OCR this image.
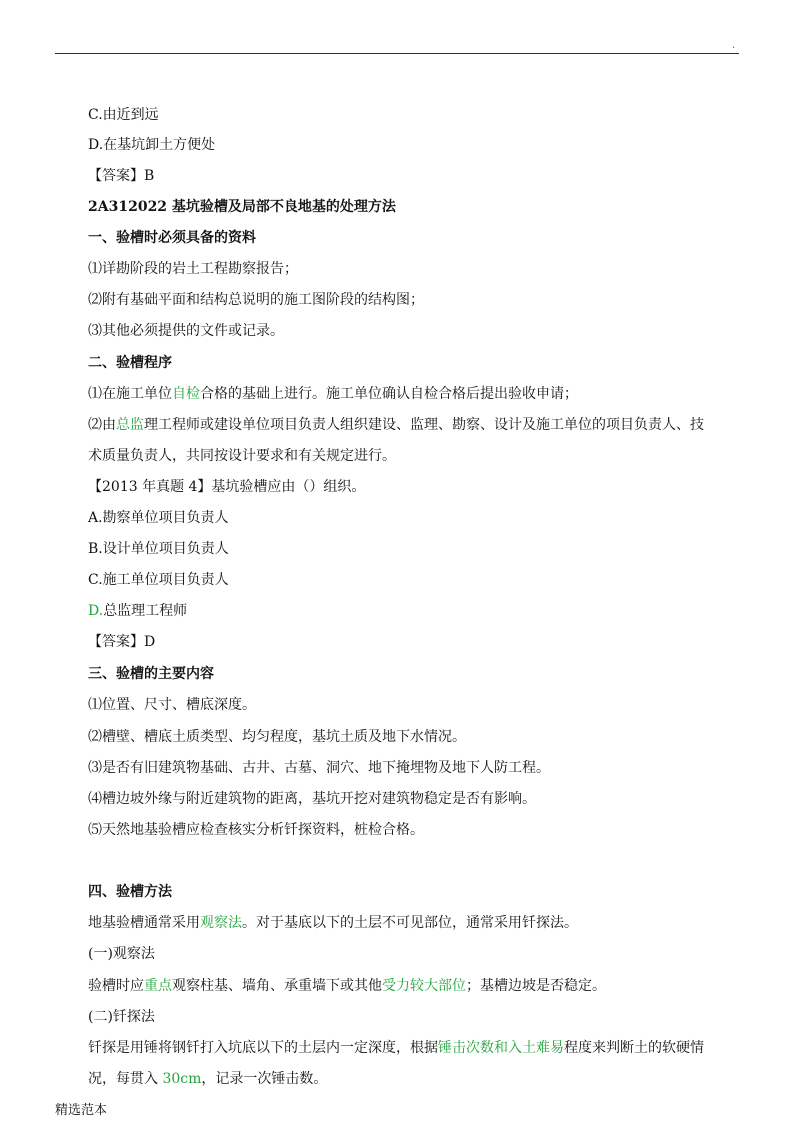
.
C.由近到远
D.在基坑卸土方便处
【答案】B
2A312022 基坑验槽及局部不良地基的处理方法
一、验槽时必须具备的资料
⑴详勘阶段的岩土工程勘察报告；
⑵附有基础平面和结构总说明的施工图阶段的结构图；
⑶其他必须提供的文件或记录。
二、验槽程序
⑴在施工单位自检合格的基础上进行。施工单位确认自检合格后提出验收申请；
⑵由总监理工程师或建设单位项目负责人组织建设、监理、勘察、设计及施工单位的项目负责人、技
术质量负责人，共同按设计要求和有关规定进行。
【2013 年真题 4】基坑验槽应由（）组织。
A.勘察单位项目负责人
B.设计单位项目负责人
C.施工单位项目负责人
D.总监理工程师
【答案】D
三、验槽的主要内容
⑴位置、尺寸、槽底深度。
⑵槽壁、槽底土质类型、均匀程度，基坑土质及地下水情况。
⑶是否有旧建筑物基础、古井、古墓、洞穴、地下掩埋物及地下人防工程。
⑷槽边坡外缘与附近建筑物的距离，基坑开挖对建筑物稳定是否有影响。
⑸天然地基验槽应检查核实分析钎探资料，桩检合格。
四、验槽方法
地基验槽通常采用观察法。对于基底以下的土层不可见部位，通常采用钎探法。
(一)观察法
验槽时应重点观察柱基、墙角、承重墙下或其他受力较大部位；基槽边坡是否稳定。
(二)钎探法
钎探是用锤将钢钎打入坑底以下的土层内一定深度，根据锤击次数和入土难易程度来判断土的软硬情
况，每贯入 30cm，记录一次锤击数。
精选范本
